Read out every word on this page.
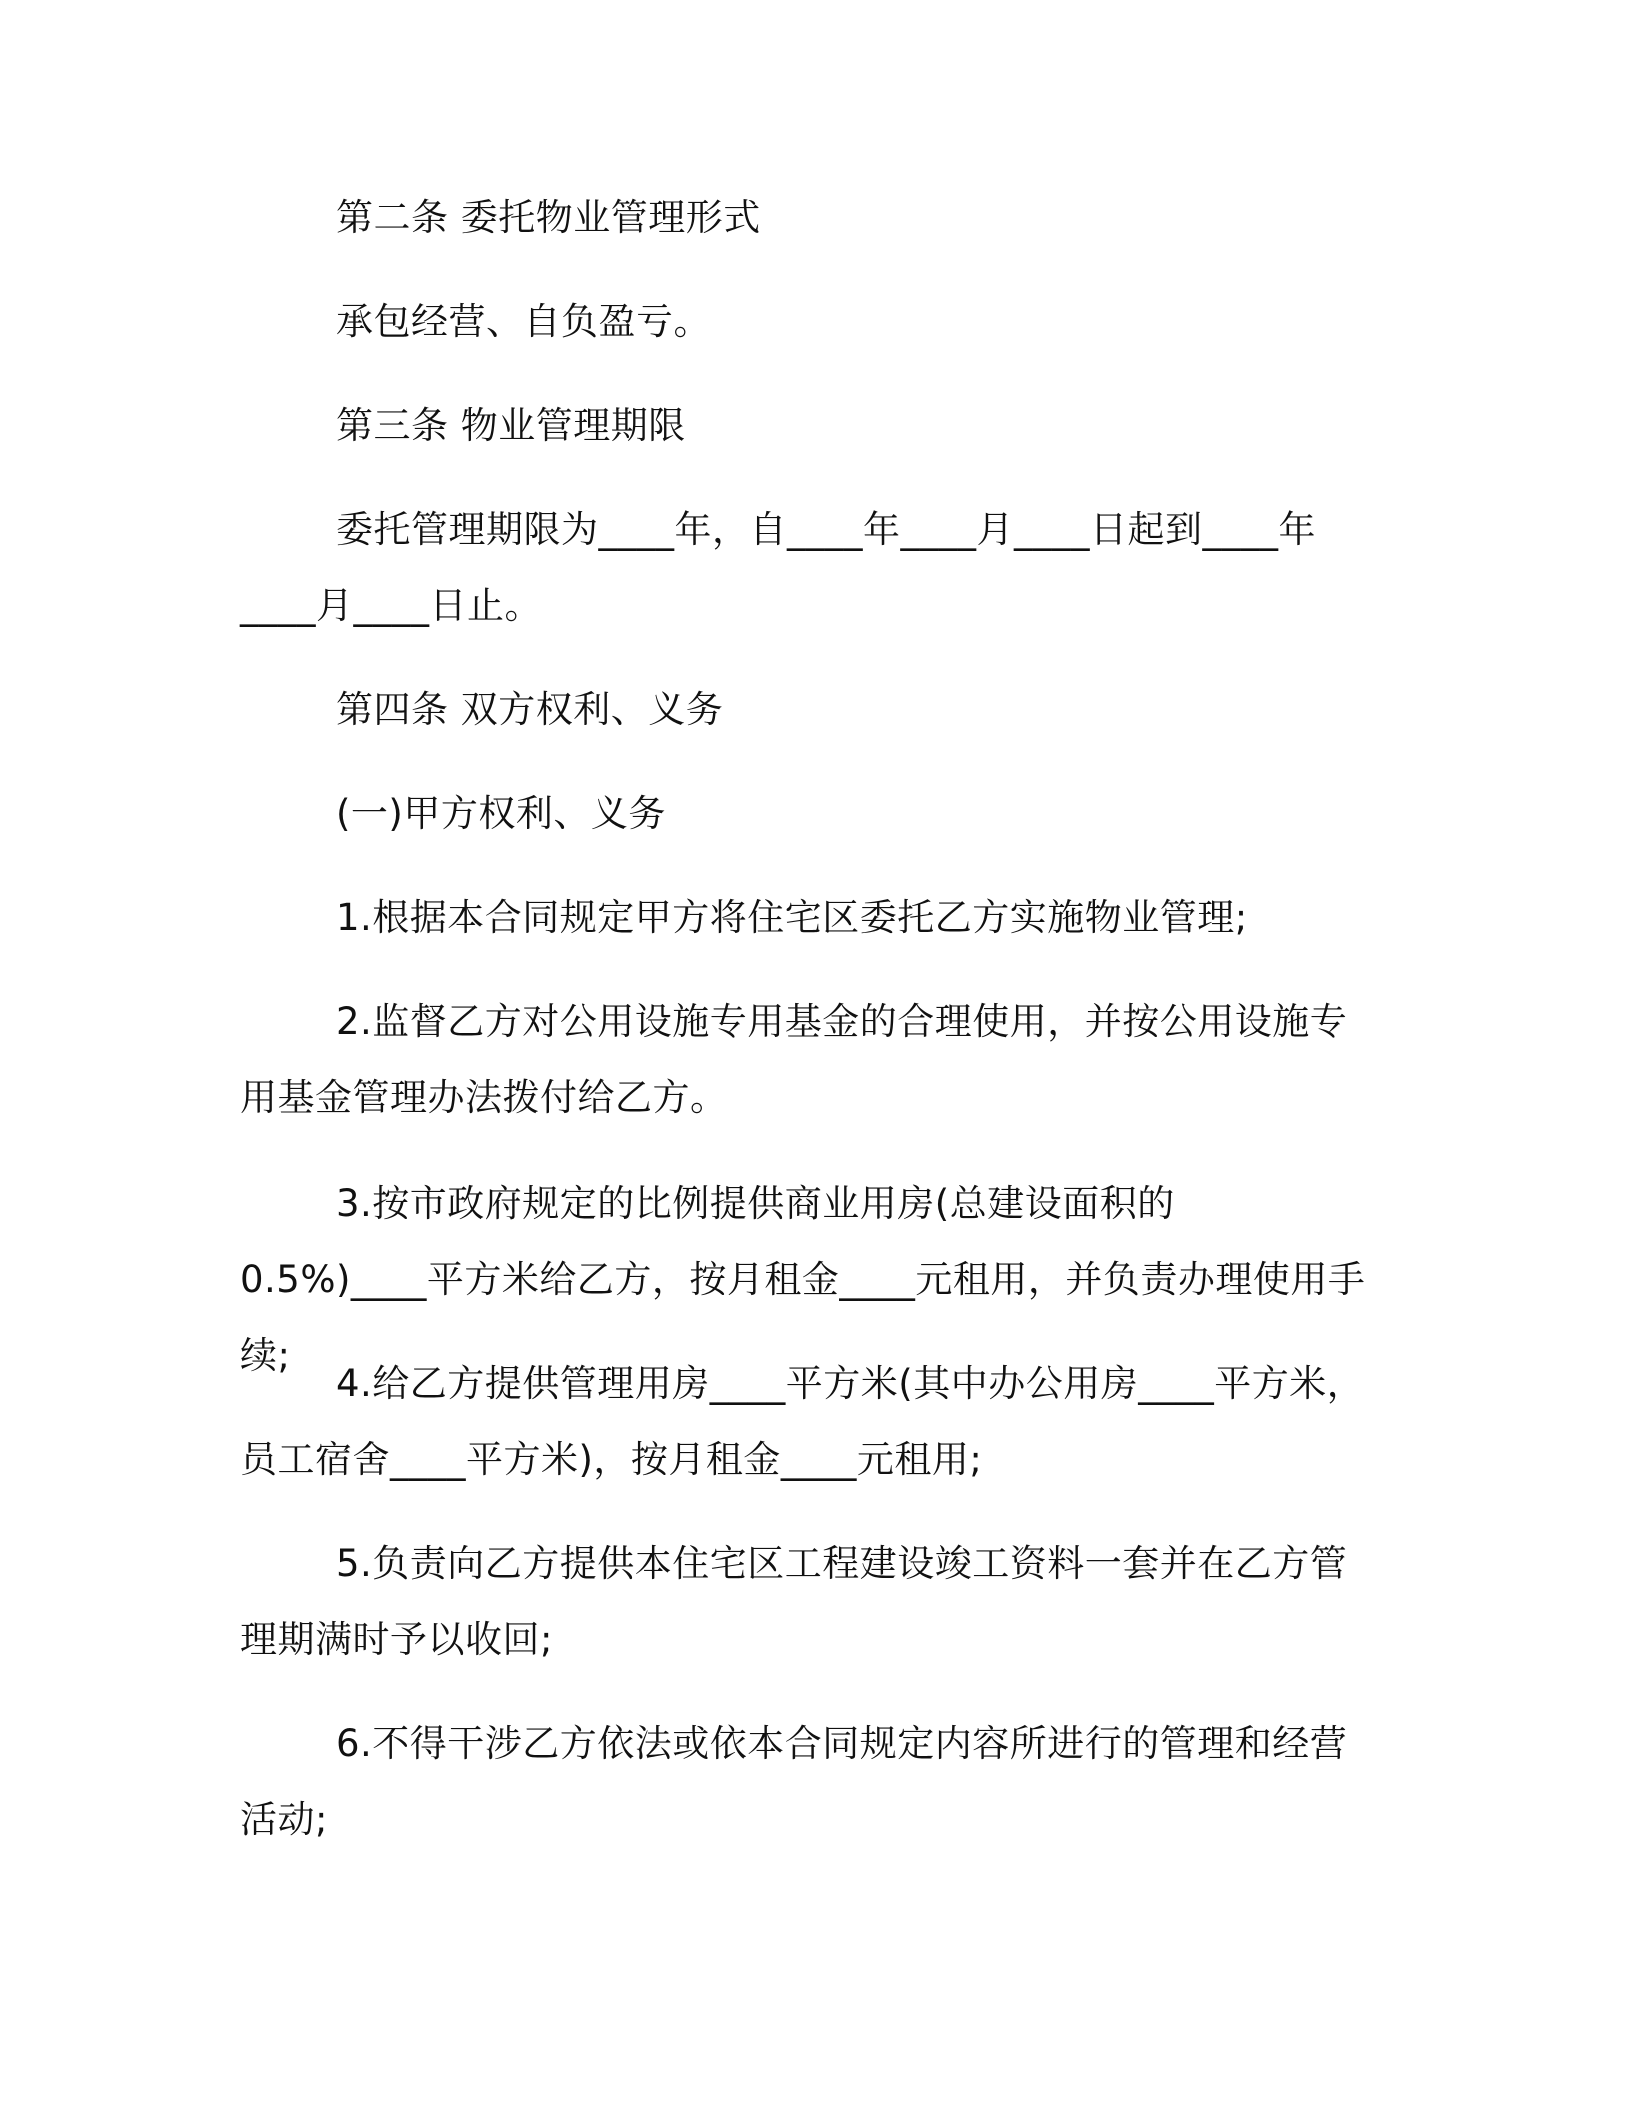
第二条 委托物业管理形式

承包经营、自负盈亏。

第三条 物业管理期限

委托管理期限为____年，自____年____月____日起到____年____月____日止。

第四条 双方权利、义务

(一)甲方权利、义务

1.根据本合同规定甲方将住宅区委托乙方实施物业管理;

2.监督乙方对公用设施专用基金的合理使用，并按公用设施专用基金管理办法拨付给乙方。

3.按市政府规定的比例提供商业用房(总建设面积的 0.5%)____平方米给乙方，按月租金____元租用，并负责办理使用手续;

4.给乙方提供管理用房____平方米(其中办公用房____平方米，员工宿舍____平方米)，按月租金____元租用;

5.负责向乙方提供本住宅区工程建设竣工资料一套并在乙方管理期满时予以收回;

6.不得干涉乙方依法或依本合同规定内容所进行的管理和经营活动;
